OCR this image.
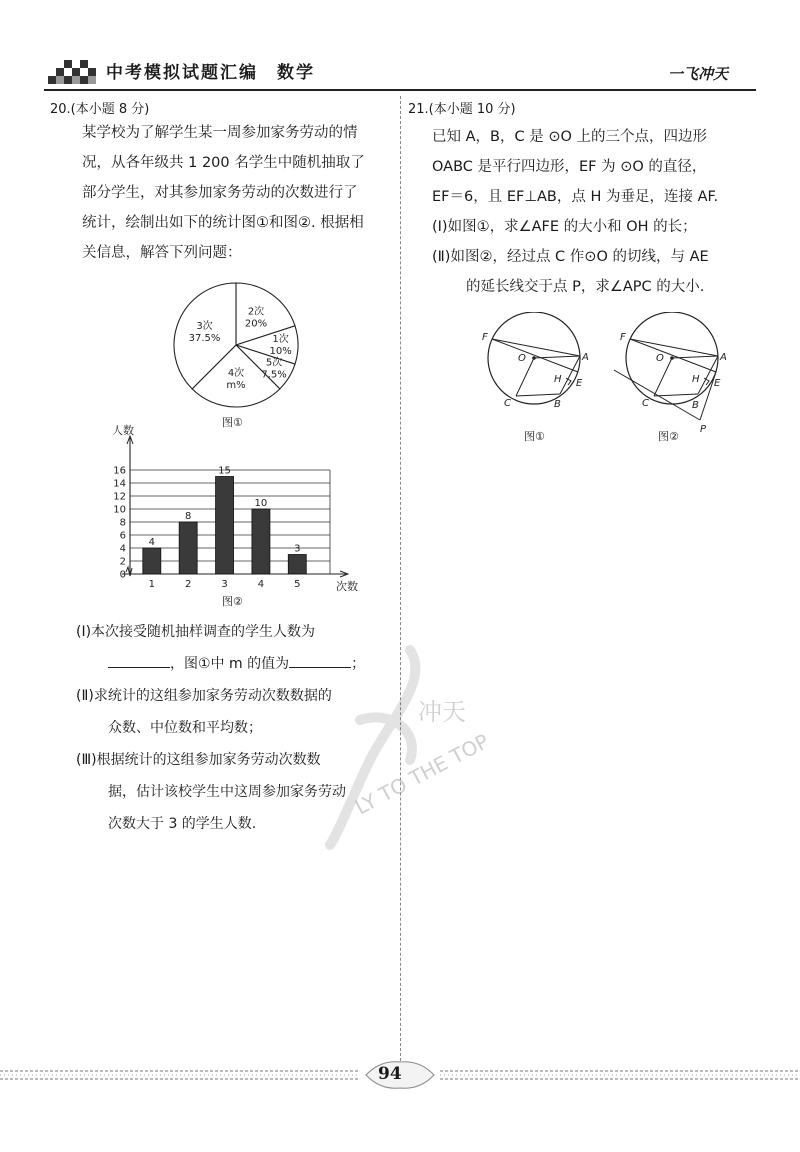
中考模拟试题汇编　数学	一飞冲天
20.(本小题 8 分)
某学校为了解学生某一周参加家务劳动的情
况，从各年级共 1 200 名学生中随机抽取了
部分学生，对其参加家务劳动的次数进行了
统计，绘制出如下的统计图①和图②. 根据相
关信息，解答下列问题：
1次
10%
2次
20%
3次
37.5%
4次
m%
5次
7.5%
图①
0
2
4
6
8
10
12
14
16
人数
次数
4
1
8
2
15
3
10
4
3
5
图②
(Ⅰ)本次接受随机抽样调查的学生人数为
，图①中 m 的值为	；
(Ⅱ)求统计的这组参加家务劳动次数数据的
众数、中位数和平均数；
(Ⅲ)根据统计的这组参加家务劳动次数数
据，估计该校学生中这周参加家务劳动
次数大于 3 的学生人数.
21.(本小题 10 分)
已知 A，B，C 是 ⊙O 上的三个点，四边形
OABC 是平行四边形，EF 为 ⊙O 的直径，
EF＝6，且 EF⊥AB，点 H 为垂足，连接 AF.
(Ⅰ)如图①，求∠AFE 的大小和 OH 的长；
(Ⅱ)如图②，经过点 C 作⊙O 的切线，与 AE
的延长线交于点 P，求∠APC 的大小.
F
O	A
H E
C	B
图①
F
O	A
H E
C	B
P
图②
冲天
LY TO THE TOP
94
